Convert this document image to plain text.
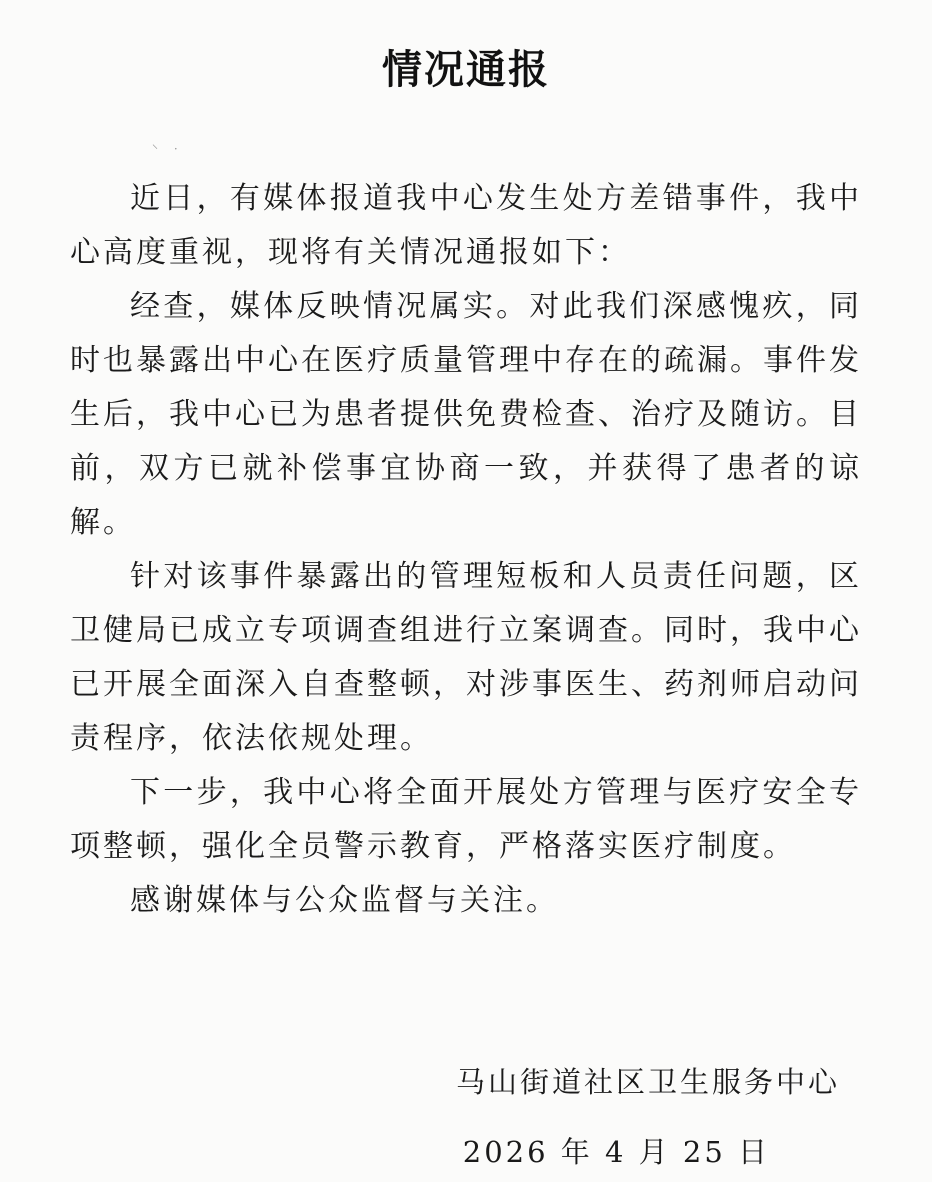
情况通报
⸌ ·

近日，有媒体报道我中心发生处方差错事件，我中心高度重视，现将有关情况通报如下：

经查，媒体反映情况属实。对此我们深感愧疚，同时也暴露出中心在医疗质量管理中存在的疏漏。事件发生后，我中心已为患者提供免费检查、治疗及随访。目前，双方已就补偿事宜协商一致，并获得了患者的谅解。

针对该事件暴露出的管理短板和人员责任问题，区卫健局已成立专项调查组进行立案调查。同时，我中心已开展全面深入自查整顿，对涉事医生、药剂师启动问责程序，依法依规处理。

下一步，我中心将全面开展处方管理与医疗安全专项整顿，强化全员警示教育，严格落实医疗制度。

感谢媒体与公众监督与关注。

马山街道社区卫生服务中心
2026 年 4 月 25 日
